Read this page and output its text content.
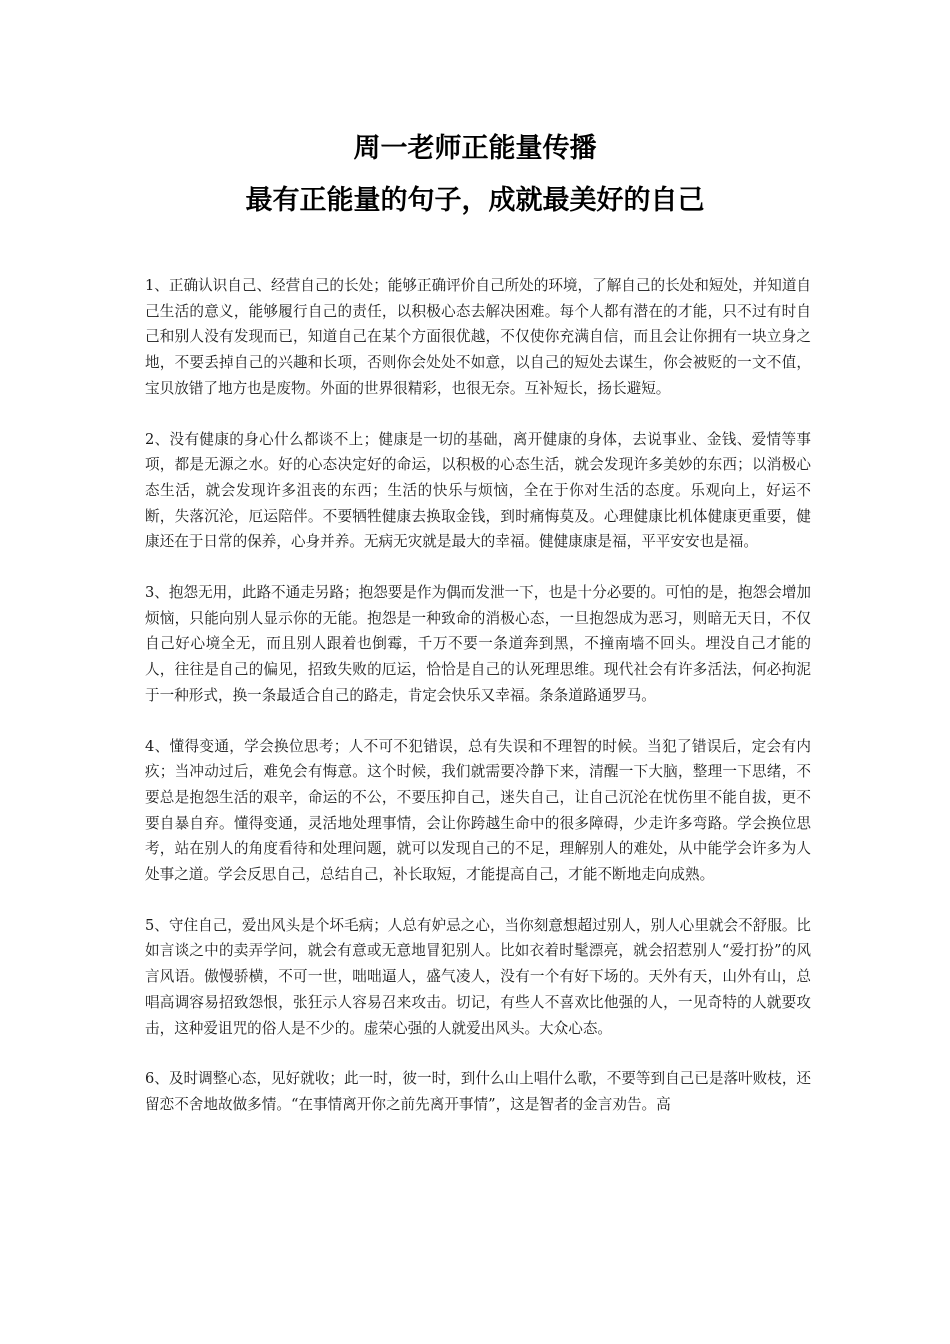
周一老师正能量传播
最有正能量的句子，成就最美好的自己

1、正确认识自己、经营自己的长处；能够正确评价自己所处的环境，了解自己的长处和短处，并知道自己生活的意义，能够履行自己的责任，以积极心态去解决困难。每个人都有潜在的才能，只不过有时自己和别人没有发现而已，知道自己在某个方面很优越，不仅使你充满自信，而且会让你拥有一块立身之地，不要丢掉自己的兴趣和长项，否则你会处处不如意，以自己的短处去谋生，你会被贬的一文不值，宝贝放错了地方也是废物。外面的世界很精彩，也很无奈。互补短长，扬长避短。

2、没有健康的身心什么都谈不上；健康是一切的基础，离开健康的身体，去说事业、金钱、爱情等事项，都是无源之水。好的心态决定好的命运，以积极的心态生活，就会发现许多美妙的东西；以消极心态生活，就会发现许多沮丧的东西；生活的快乐与烦恼，全在于你对生活的态度。乐观向上，好运不断，失落沉沦，厄运陪伴。不要牺牲健康去换取金钱，到时痛悔莫及。心理健康比机体健康更重要，健康还在于日常的保养，心身并养。无病无灾就是最大的幸福。健健康康是福，平平安安也是福。

3、抱怨无用，此路不通走另路；抱怨要是作为偶而发泄一下，也是十分必要的。可怕的是，抱怨会增加烦恼，只能向别人显示你的无能。抱怨是一种致命的消极心态，一旦抱怨成为恶习，则暗无天日，不仅自己好心境全无，而且别人跟着也倒霉，千万不要一条道奔到黑，不撞南墙不回头。埋没自己才能的人，往往是自己的偏见，招致失败的厄运，恰恰是自己的认死理思维。现代社会有许多活法，何必拘泥于一种形式，换一条最适合自己的路走，肯定会快乐又幸福。条条道路通罗马。

4、懂得变通，学会换位思考；人不可不犯错误，总有失误和不理智的时候。当犯了错误后，定会有内疚；当冲动过后，难免会有悔意。这个时候，我们就需要冷静下来，清醒一下大脑，整理一下思绪，不要总是抱怨生活的艰辛，命运的不公，不要压抑自己，迷失自己，让自己沉沦在忧伤里不能自拔，更不要自暴自弃。懂得变通，灵活地处理事情，会让你跨越生命中的很多障碍，少走许多弯路。学会换位思考，站在别人的角度看待和处理问题，就可以发现自己的不足，理解别人的难处，从中能学会许多为人处事之道。学会反思自己，总结自己，补长取短，才能提高自己，才能不断地走向成熟。

5、守住自己，爱出风头是个坏毛病；人总有妒忌之心，当你刻意想超过别人，别人心里就会不舒服。比如言谈之中的卖弄学问，就会有意或无意地冒犯别人。比如衣着时髦漂亮，就会招惹别人“爱打扮”的风言风语。傲慢骄横，不可一世，咄咄逼人，盛气凌人，没有一个有好下场的。天外有天，山外有山，总唱高调容易招致怨恨，张狂示人容易召来攻击。切记，有些人不喜欢比他强的人，一见奇特的人就要攻击，这种爱诅咒的俗人是不少的。虚荣心强的人就爱出风头。大众心态。

6、及时调整心态，见好就收；此一时，彼一时，到什么山上唱什么歌，不要等到自己已是落叶败枝，还留恋不舍地故做多情。“在事情离开你之前先离开事情”，这是智者的金言劝告。高
